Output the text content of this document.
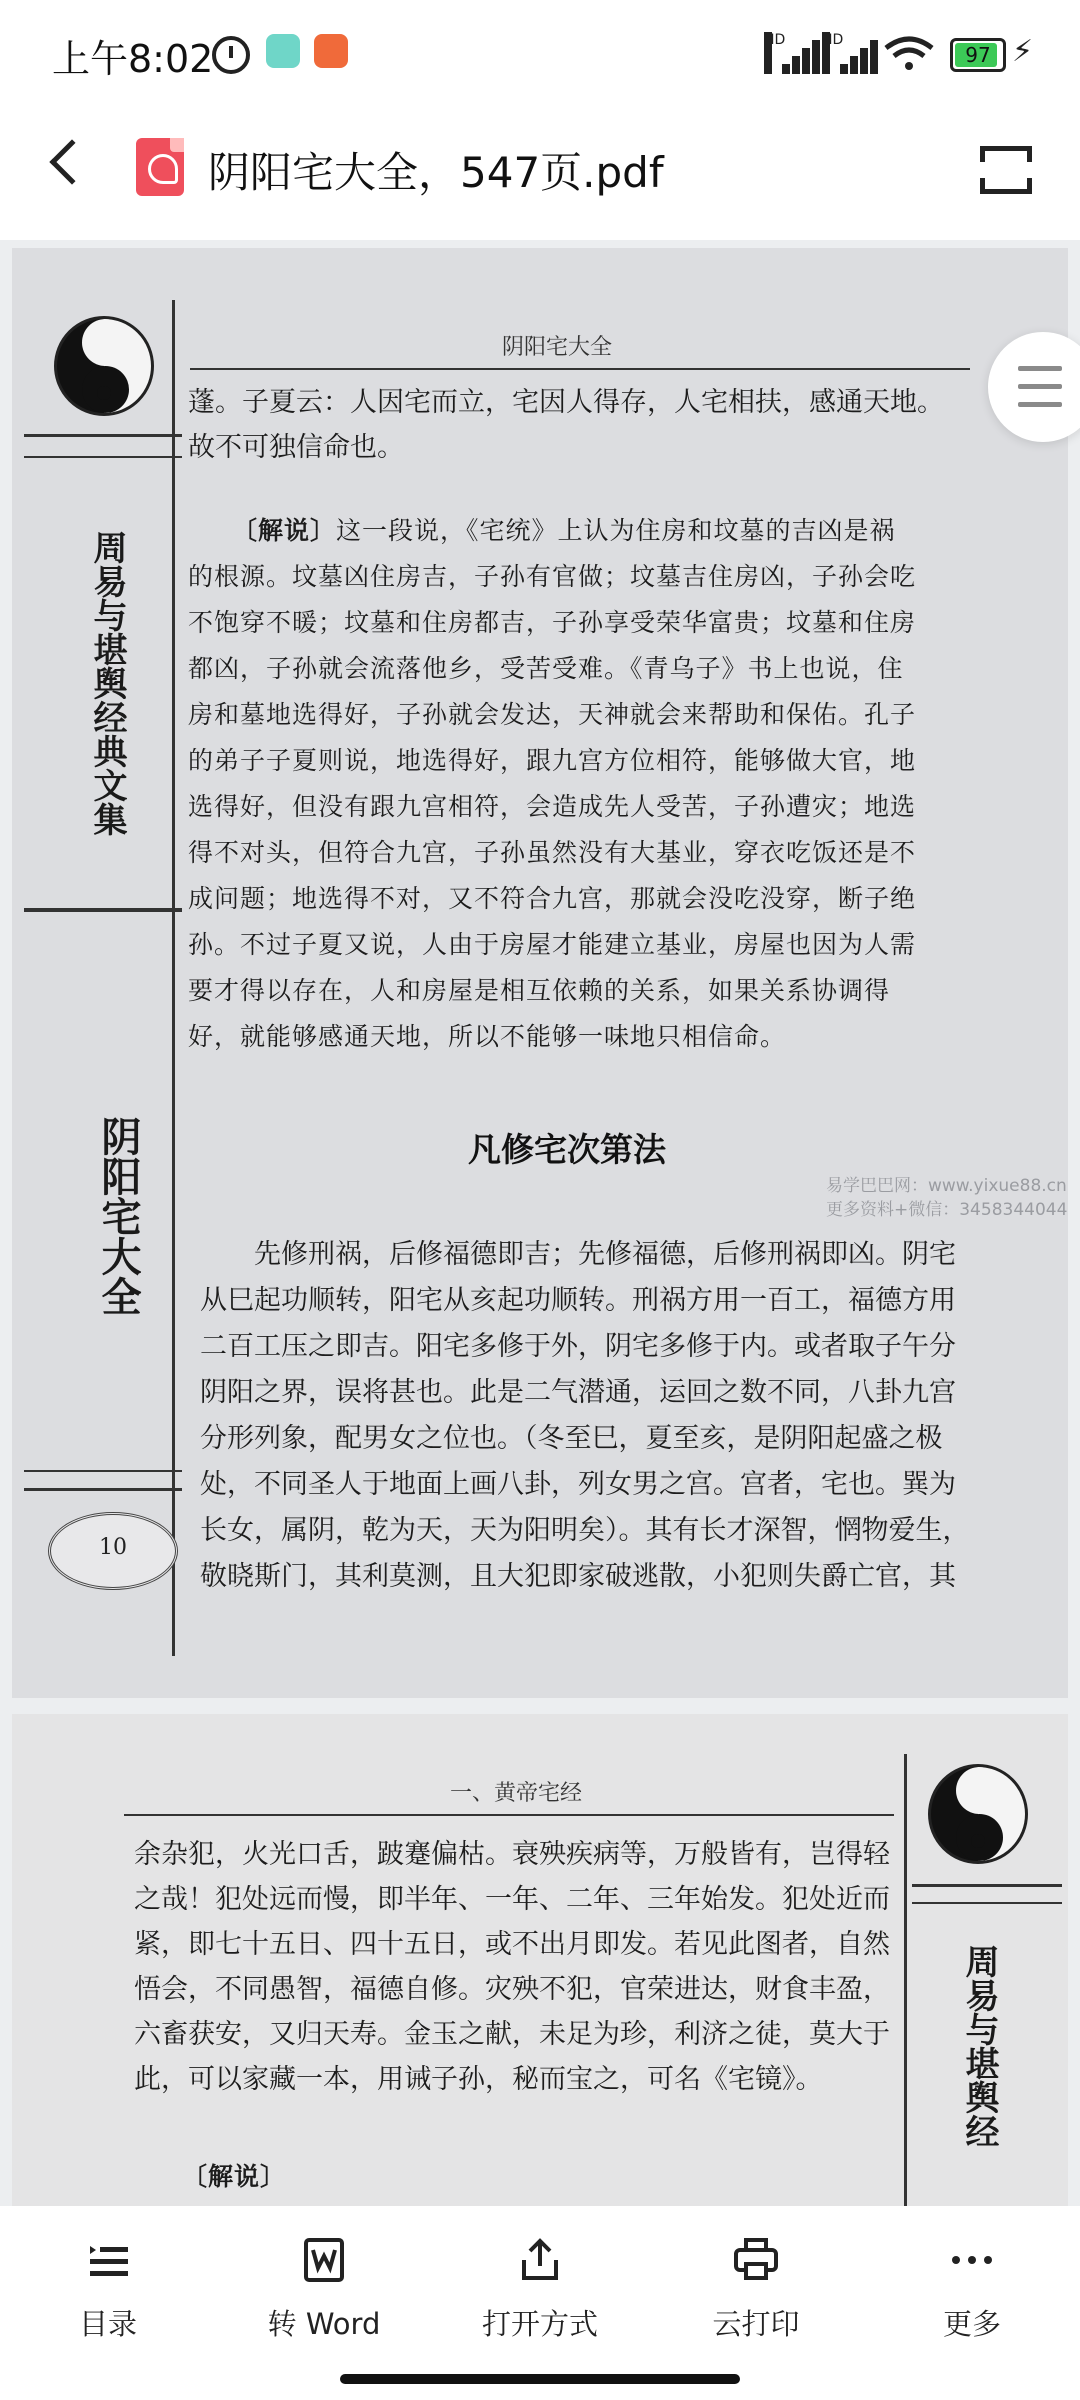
上午8:02	HD	HD
97 ⚡
阴阳宅大全，547页.pdf
周易与堪舆经典文集
阴阳宅大全
10
阴阳宅大全

蓬。子夏云：人因宅而立，宅因人得存，人宅相扶，感通天地。

故不可独信命也。

〔解说〕这一段说，《宅统》上认为住房和坟墓的吉凶是祸

的根源。坟墓凶住房吉，子孙有官做；坟墓吉住房凶，子孙会吃

不饱穿不暖；坟墓和住房都吉，子孙享受荣华富贵；坟墓和住房

都凶，子孙就会流落他乡，受苦受难。《青乌子》书上也说，住

房和墓地选得好，子孙就会发达，天神就会来帮助和保佑。孔子

的弟子子夏则说，地选得好，跟九宫方位相符，能够做大官，地

选得好，但没有跟九宫相符，会造成先人受苦，子孙遭灾；地选

得不对头，但符合九宫，子孙虽然没有大基业，穿衣吃饭还是不

成问题；地选得不对，又不符合九宫，那就会没吃没穿，断子绝

孙。不过子夏又说，人由于房屋才能建立基业，房屋也因为人需

要才得以存在，人和房屋是相互依赖的关系，如果关系协调得

好，就能够感通天地，所以不能够一味地只相信命。

凡修宅次第法
易学巴巴网：www.yixue88.cn
更多资料+微信：3458344044

先修刑祸，后修福德即吉；先修福德，后修刑祸即凶。阴宅

从巳起功顺转，阳宅从亥起功顺转。刑祸方用一百工，福德方用

二百工压之即吉。阳宅多修于外，阴宅多修于内。或者取子午分

阴阳之界，误将甚也。此是二气潜通，运回之数不同，八卦九宫

分形列象，配男女之位也。（冬至巳，夏至亥，是阴阳起盛之极

处，不同圣人于地面上画八卦，列女男之宫。宫者，宅也。巽为

长女，属阴，乾为天，天为阳明矣）。其有长才深智，惘物爱生，

敬晓斯门，其利莫测，且大犯即家破逃散，小犯则失爵亡官，其

一、黄帝宅经
周易与堪舆经

余杂犯，火光口舌，跛蹇偏枯。衰殃疾病等，万般皆有，岂得轻

之哉！犯处远而慢，即半年、一年、二年、三年始发。犯处近而

紧，即七十五日、四十五日，或不出月即发。若见此图者，自然

悟会，不同愚智，福德自修。灾殃不犯，官荣进达，财食丰盈，

六畜获安，又归天寿。金玉之献，未足为珍，利济之徒，莫大于

此，可以家藏一本，用诫子孙，秘而宝之，可名《宅镜》。

〔解说〕
目录	转 Word	打开方式	云打印	更多
